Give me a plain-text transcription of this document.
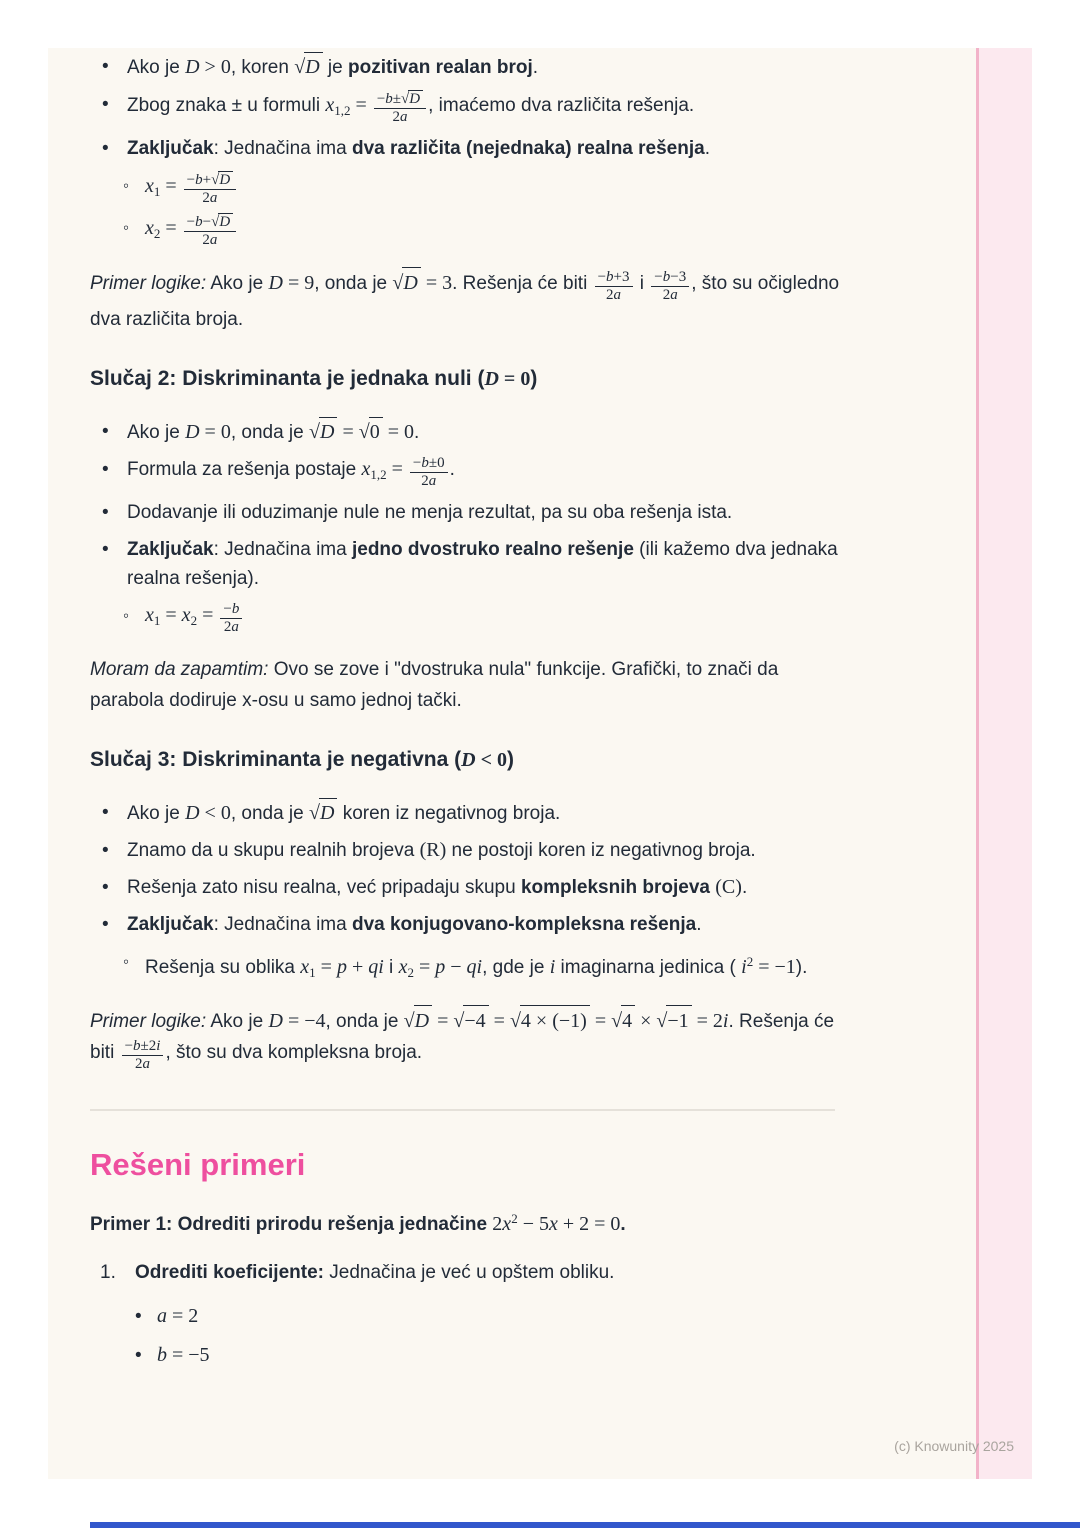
• Ako je D > 0, koren √D je pozitivan realan broj.
• Zbog znaka ± u formuli $x_{1,2} = \frac{-b\pm√D}{2a}$ , imaćemo dva različita rešenja.
• Zaključak: Jednačina ima dva različita (nejednaka) realna rešenja.
◦ $x_1 = \frac{-b+√D}{2a}$
◦ $x_2 = \frac{-b-√D}{2a}$

Primer logike: Ako je D = 9, onda je √D = 3. Rešenja će biti $\frac{-b+3}{2a}$ i $\frac{-b-3}{2a}$ , što su očigledno dva različita broja.

Slučaj 2: Diskriminanta je jednaka nuli (D = 0)
• Ako je D = 0, onda je √D = √0 = 0.
• Formula za rešenja postaje $x_{1,2} = \frac{-b\pm 0}{2a}$ .
• Dodavanje ili oduzimanje nule ne menja rezultat, pa su oba rešenja ista.
• Zaključak: Jednačina ima jedno dvostruko realno rešenje (ili kažemo dva jednaka realna rešenja).
◦ $x_1 = x_2 = \frac{-b}{2a}$

Moram da zapamtim: Ovo se zove i "dvostruka nula" funkcije. Grafički, to znači da parabola dodiruje x-osu u samo jednoj tački.

Slučaj 3: Diskriminanta je negativna (D < 0)
• Ako je D < 0, onda je √D koren iz negativnog broja.
• Znamo da u skupu realnih brojeva (R) ne postoji koren iz negativnog broja.
• Rešenja zato nisu realna, već pripadaju skupu kompleksnih brojeva (C).
• Zaključak: Jednačina ima dva konjugovano-kompleksna rešenja.
◦ Rešenja su oblika $x_1 = p$ + qi i $x_2 = p$ − qi, gde je i imaginarna jedinica ( $i^2 = -1$).

Primer logike: Ako je D = −4, onda je √D = √−4 = √4 × (−1) = √4 × √−1 = 2i. Rešenja će biti $\frac{-b\pm 2i}{2a}$ , što su dva kompleksna broja.

Rešeni primeri

Primer 1: Odrediti prirodu rešenja jednačine $2x^2 - 5x + 2 = 0$.

1.	Odrediti koeficijente: Jednačina je već u opštem obliku.
• a = 2
• b = −5
(c) Knowunity 2025
